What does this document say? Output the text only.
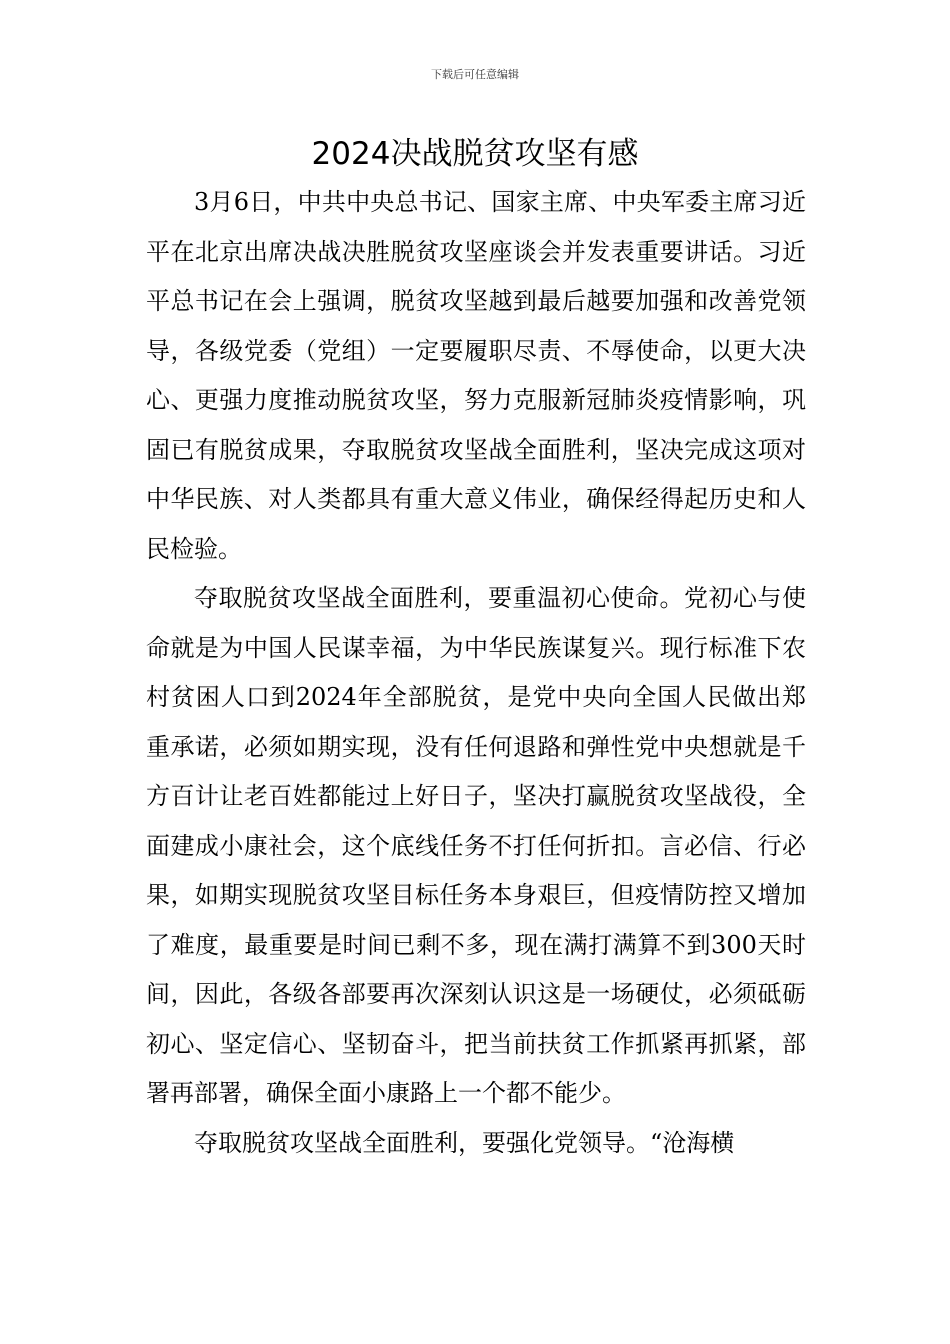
下载后可任意编辑
2024决战脱贫攻坚有感

3月6日，中共中央总书记、国家主席、中央军委主席习近平在北京出席决战决胜脱贫攻坚座谈会并发表重要讲话。习近平总书记在会上强调，脱贫攻坚越到最后越要加强和改善党领导，各级党委（党组）一定要履职尽责、不辱使命，以更大决心、更强力度推动脱贫攻坚，努力克服新冠肺炎疫情影响，巩固已有脱贫成果，夺取脱贫攻坚战全面胜利，坚决完成这项对中华民族、对人类都具有重大意义伟业，确保经得起历史和人民检验。

夺取脱贫攻坚战全面胜利，要重温初心使命。党初心与使命就是为中国人民谋幸福，为中华民族谋复兴。现行标准下农村贫困人口到2024年全部脱贫，是党中央向全国人民做出郑重承诺，必须如期实现，没有任何退路和弹性党中央想就是千方百计让老百姓都能过上好日子，坚决打赢脱贫攻坚战役，全面建成小康社会，这个底线任务不打任何折扣。言必信、行必果，如期实现脱贫攻坚目标任务本身艰巨，但疫情防控又增加了难度，最重要是时间已剩不多，现在满打满算不到300天时间，因此，各级各部要再次深刻认识这是一场硬仗，必须砥砺初心、坚定信心、坚韧奋斗，把当前扶贫工作抓紧再抓紧，部署再部署，确保全面小康路上一个都不能少。

夺取脱贫攻坚战全面胜利，要强化党领导。“沧海横
